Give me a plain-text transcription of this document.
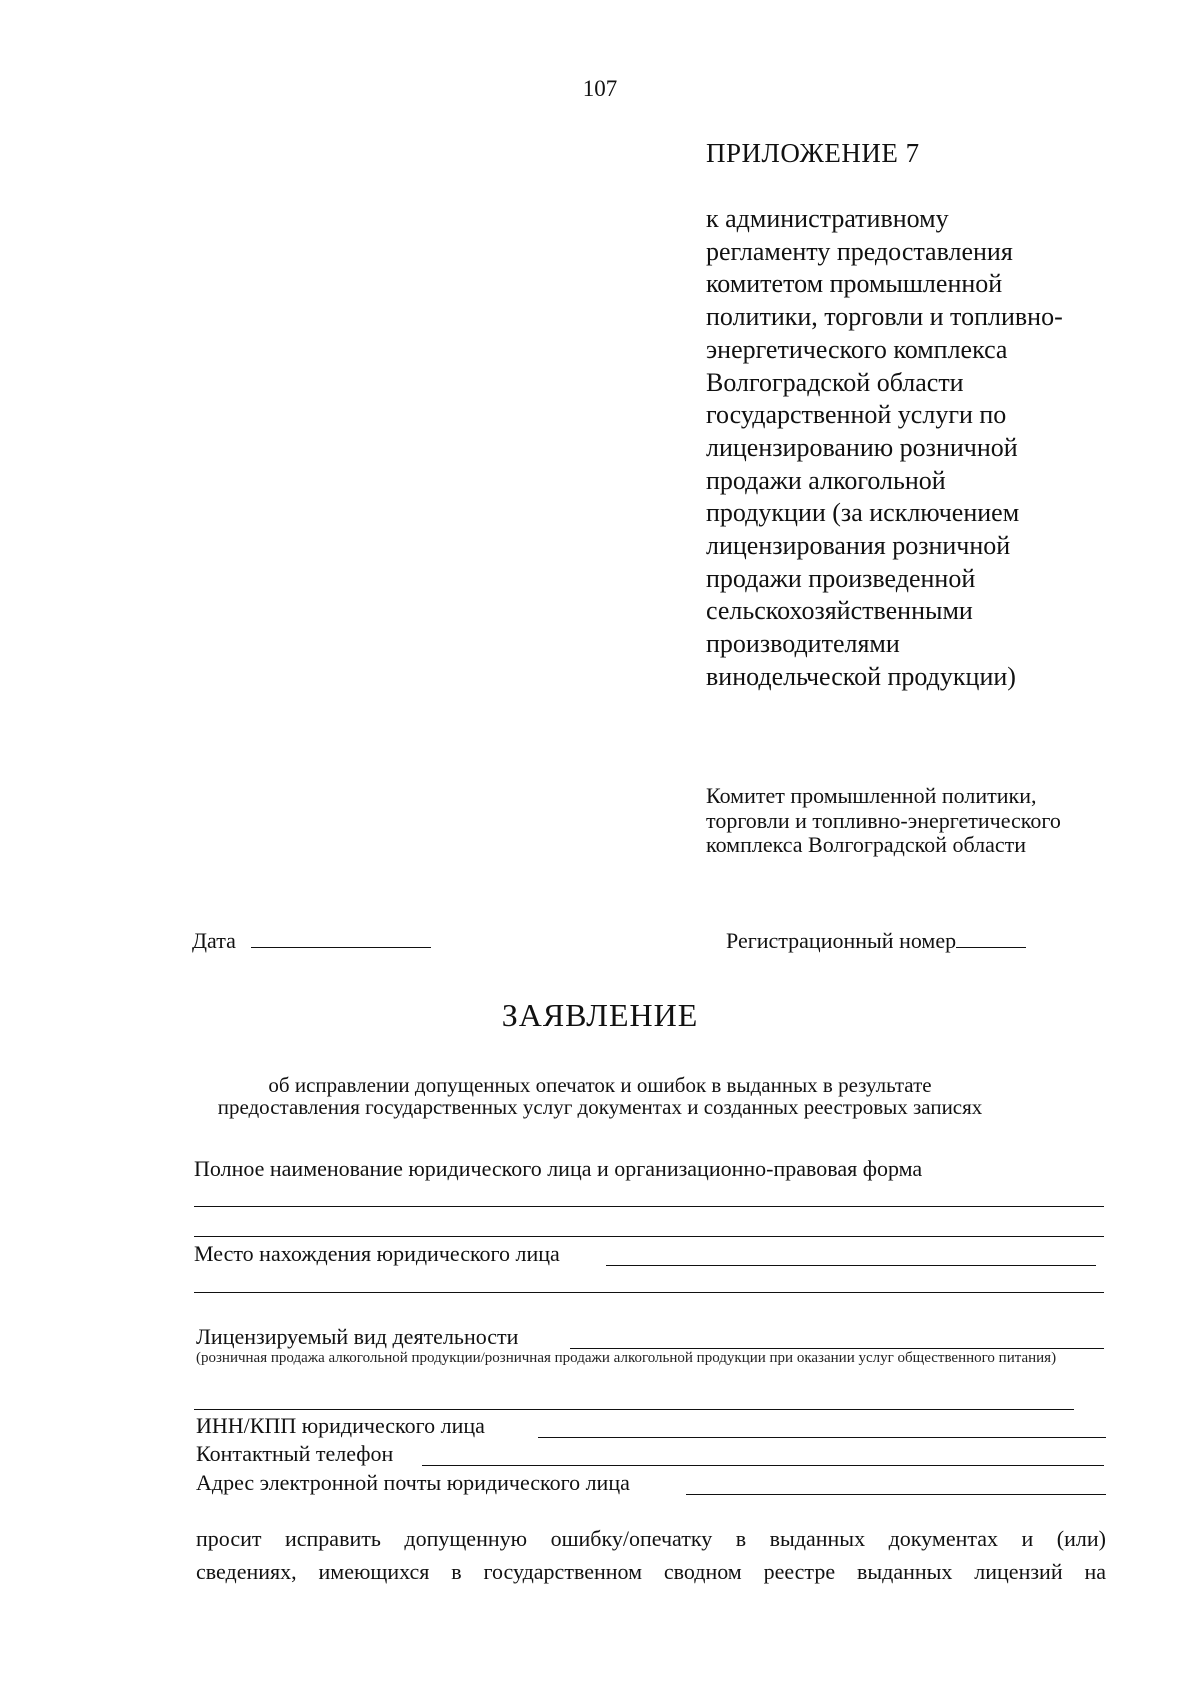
107
ПРИЛОЖЕНИЕ 7
к административному
регламенту предоставления
комитетом промышленной
политики, торговли и топливно-
энергетического комплекса
Волгоградской области
государственной услуги по
лицензированию розничной
продажи алкогольной
продукции (за исключением
лицензирования розничной
продажи произведенной
сельскохозяйственными
производителями
винодельческой продукции)
Комитет промышленной политики,
торговли и топливно-энергетического
комплекса Волгоградской области
Дата	Регистрационный номер
ЗАЯВЛЕНИЕ
об исправлении допущенных опечаток и ошибок в выданных в результате
предоставления государственных услуг документах и созданных реестровых записях
Полное наименование юридического лица и организационно-правовая форма
Место нахождения юридического лица
Лицензируемый вид деятельности
(розничная продажа алкогольной продукции/розничная продажи алкогольной продукции при оказании услуг общественного питания)
ИНН/КПП юридического лица
Контактный телефон
Адрес электронной почты юридического лица
просит исправить допущенную ошибку/опечатку в выданных документах и (или)
сведениях, имеющихся в государственном сводном реестре выданных лицензий на
